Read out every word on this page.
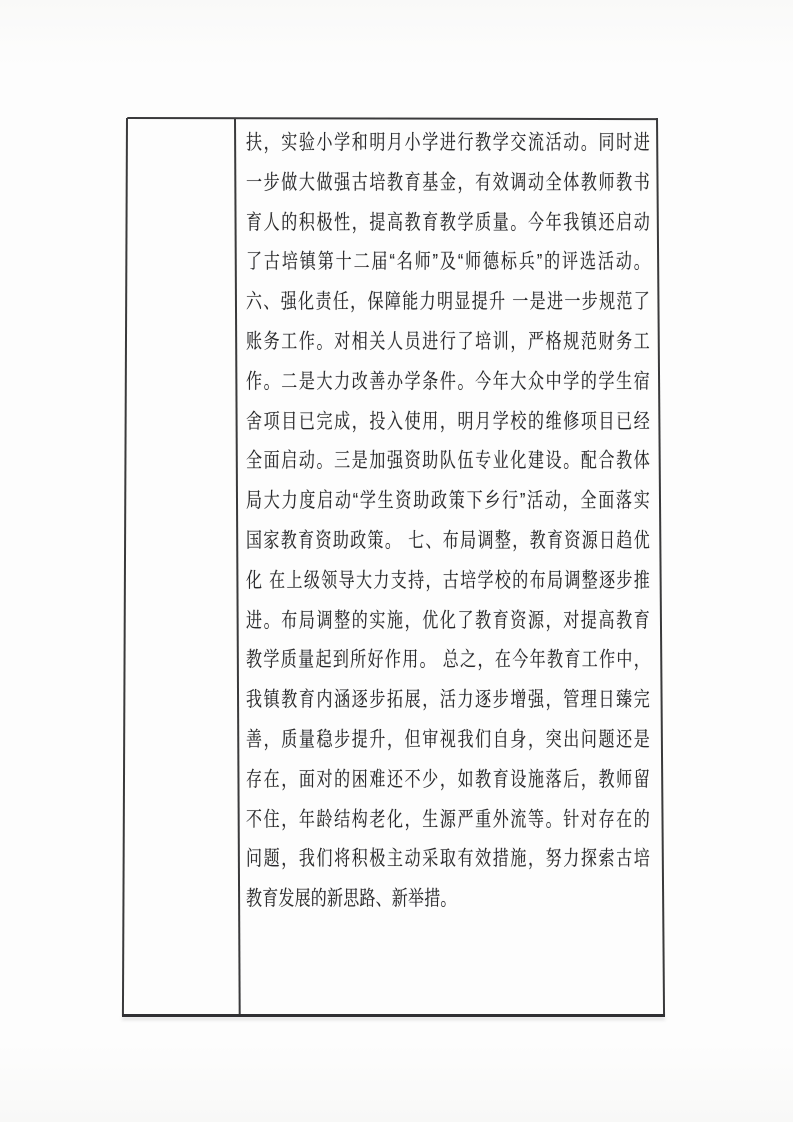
扶，实验小学和明月小学进行教学交流活动。同时进
一步做大做强古培教育基金，有效调动全体教师教书
育人的积极性，提高教育教学质量。今年我镇还启动
了古培镇第十二届“名师”及“师德标兵”的评选活动。
六、强化责任，保障能力明显提升 一是进一步规范了
账务工作。对相关人员进行了培训，严格规范财务工
作。二是大力改善办学条件。今年大众中学的学生宿
舍项目已完成，投入使用，明月学校的维修项目已经
全面启动。三是加强资助队伍专业化建设。配合教体
局大力度启动“学生资助政策下乡行”活动，全面落实
国家教育资助政策。 七、布局调整，教育资源日趋优
化 在上级领导大力支持，古培学校的布局调整逐步推
进。布局调整的实施，优化了教育资源，对提高教育
教学质量起到所好作用。 总之，在今年教育工作中，
我镇教育内涵逐步拓展，活力逐步增强，管理日臻完
善，质量稳步提升，但审视我们自身，突出问题还是
存在，面对的困难还不少，如教育设施落后，教师留
不住，年龄结构老化，生源严重外流等。针对存在的
问题，我们将积极主动采取有效措施，努力探索古培
教育发展的新思路、新举措。
